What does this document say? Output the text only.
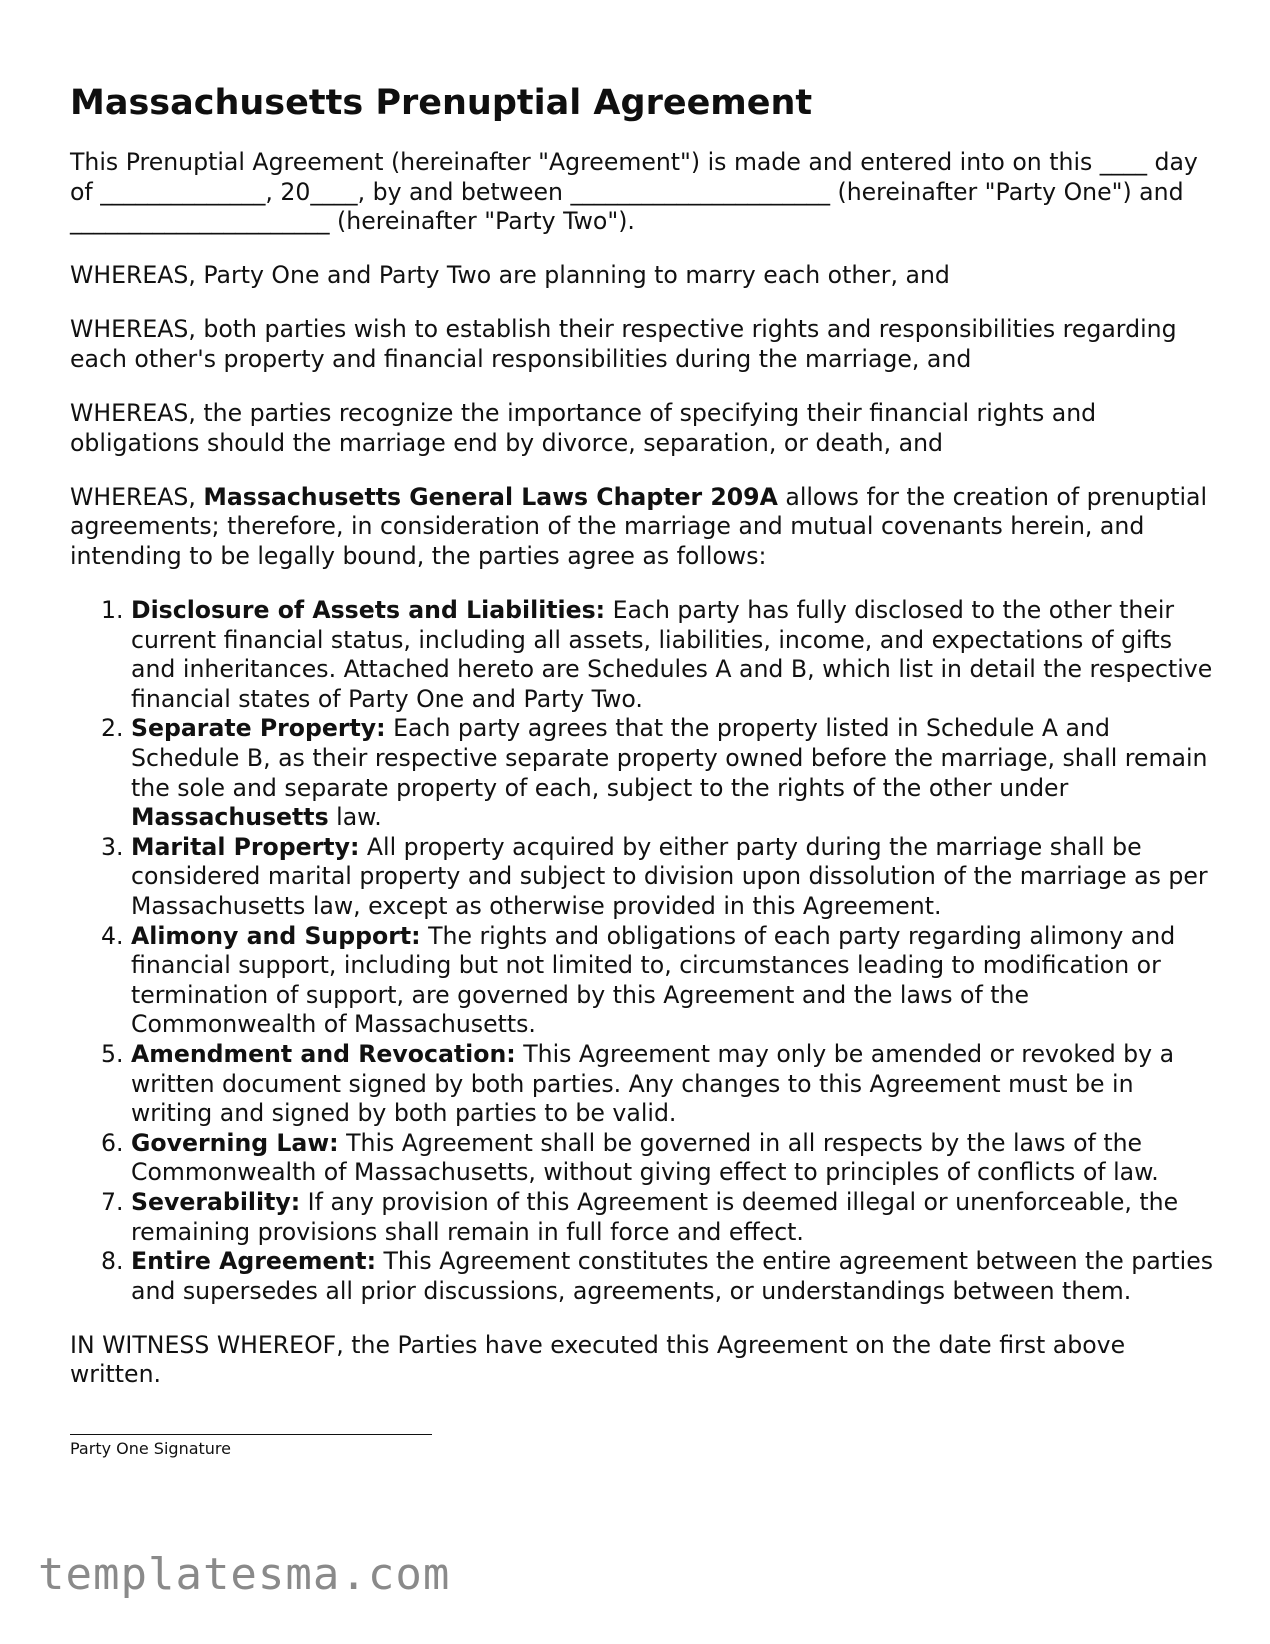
Massachusetts Prenuptial Agreement

This Prenuptial Agreement (hereinafter "Agreement") is made and entered into on this ____ day of ______________, 20____, by and between ______________________ (hereinafter "Party One") and ______________________ (hereinafter "Party Two").

WHEREAS, Party One and Party Two are planning to marry each other, and

WHEREAS, both parties wish to establish their respective rights and responsibilities regarding each other's property and financial responsibilities during the marriage, and

WHEREAS, the parties recognize the importance of specifying their financial rights and obligations should the marriage end by divorce, separation, or death, and

WHEREAS, Massachusetts General Laws Chapter 209A allows for the creation of prenuptial agreements; therefore, in consideration of the marriage and mutual covenants herein, and intending to be legally bound, the parties agree as follows:

1. Disclosure of Assets and Liabilities: Each party has fully disclosed to the other their current financial status, including all assets, liabilities, income, and expectations of gifts and inheritances. Attached hereto are Schedules A and B, which list in detail the respective financial states of Party One and Party Two.
2. Separate Property: Each party agrees that the property listed in Schedule A and Schedule B, as their respective separate property owned before the marriage, shall remain the sole and separate property of each, subject to the rights of the other under Massachusetts law.
3. Marital Property: All property acquired by either party during the marriage shall be considered marital property and subject to division upon dissolution of the marriage as per Massachusetts law, except as otherwise provided in this Agreement.
4. Alimony and Support: The rights and obligations of each party regarding alimony and financial support, including but not limited to, circumstances leading to modification or termination of support, are governed by this Agreement and the laws of the Commonwealth of Massachusetts.
5. Amendment and Revocation: This Agreement may only be amended or revoked by a written document signed by both parties. Any changes to this Agreement must be in writing and signed by both parties to be valid.
6. Governing Law: This Agreement shall be governed in all respects by the laws of the Commonwealth of Massachusetts, without giving effect to principles of conflicts of law.
7. Severability: If any provision of this Agreement is deemed illegal or unenforceable, the remaining provisions shall remain in full force and effect.
8. Entire Agreement: This Agreement constitutes the entire agreement between the parties and supersedes all prior discussions, agreements, or understandings between them.

IN WITNESS WHEREOF, the Parties have executed this Agreement on the date first above written.

Party One Signature
templatesma.com
